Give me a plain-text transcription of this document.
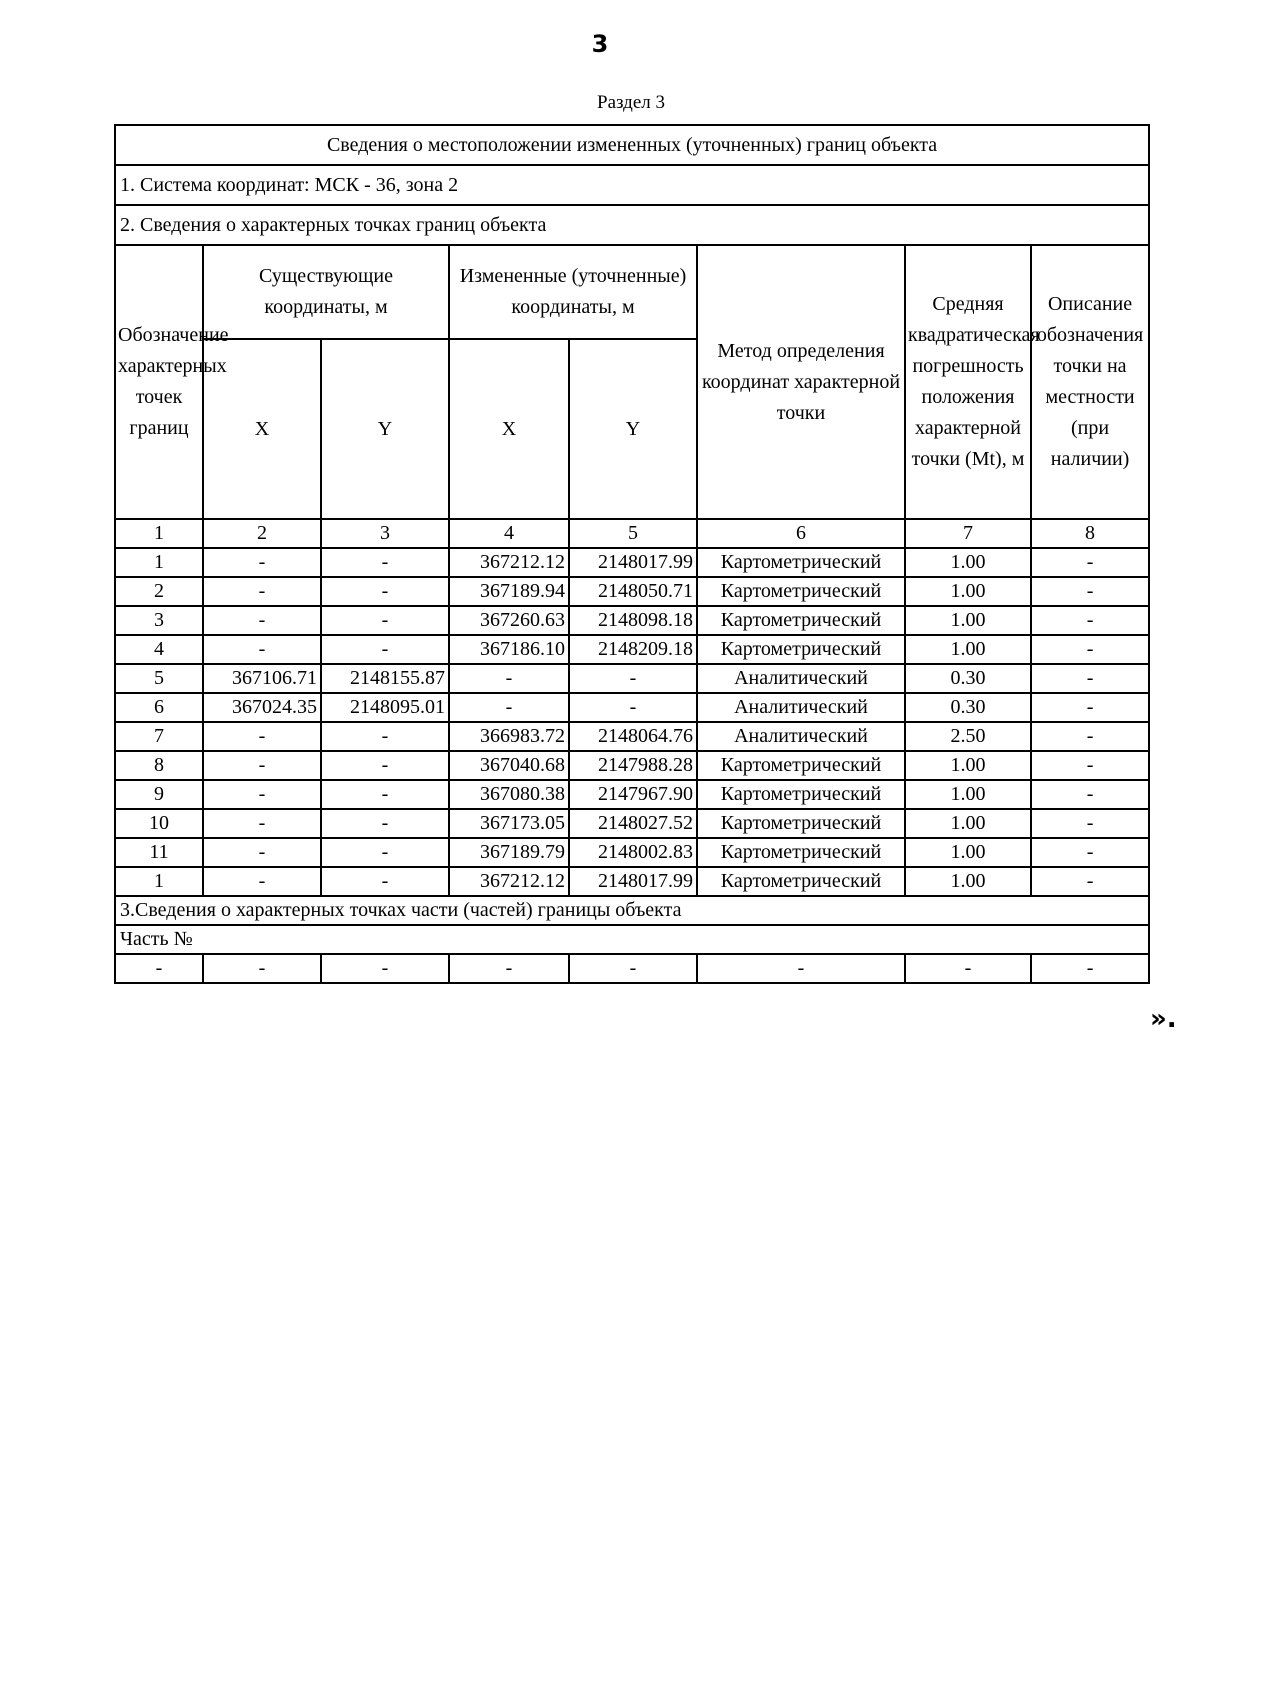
3
Раздел 3
Сведения о местоположении измененных (уточненных) границ объекта							
1. Система координат: МСК - 36, зона 2							
2. Сведения о характерных точках границ объекта							
Обозначение характерных точек границ	Существующие координаты, м		Измененные (уточненные) координаты, м		Метод определения координат характерной точки	Средняя квадратическая погрешность положения характерной точки (Mt), м	Описание обозначения точки на местности (при наличии)
	X	Y	X	Y			
1	2	3	4	5	6	7	8
1	-	-	367212.12	2148017.99	Картометрический	1.00	-
2	-	-	367189.94	2148050.71	Картометрический	1.00	-
3	-	-	367260.63	2148098.18	Картометрический	1.00	-
4	-	-	367186.10	2148209.18	Картометрический	1.00	-
5	367106.71	2148155.87	-	-	Аналитический	0.30	-
6	367024.35	2148095.01	-	-	Аналитический	0.30	-
7	-	-	366983.72	2148064.76	Аналитический	2.50	-
8	-	-	367040.68	2147988.28	Картометрический	1.00	-
9	-	-	367080.38	2147967.90	Картометрический	1.00	-
10	-	-	367173.05	2148027.52	Картометрический	1.00	-
11	-	-	367189.79	2148002.83	Картометрический	1.00	-
1	-	-	367212.12	2148017.99	Картометрический	1.00	-
3.Сведения о характерных точках части (частей) границы объекта							
Часть №							
-	-	-	-	-	-	-	-
».
